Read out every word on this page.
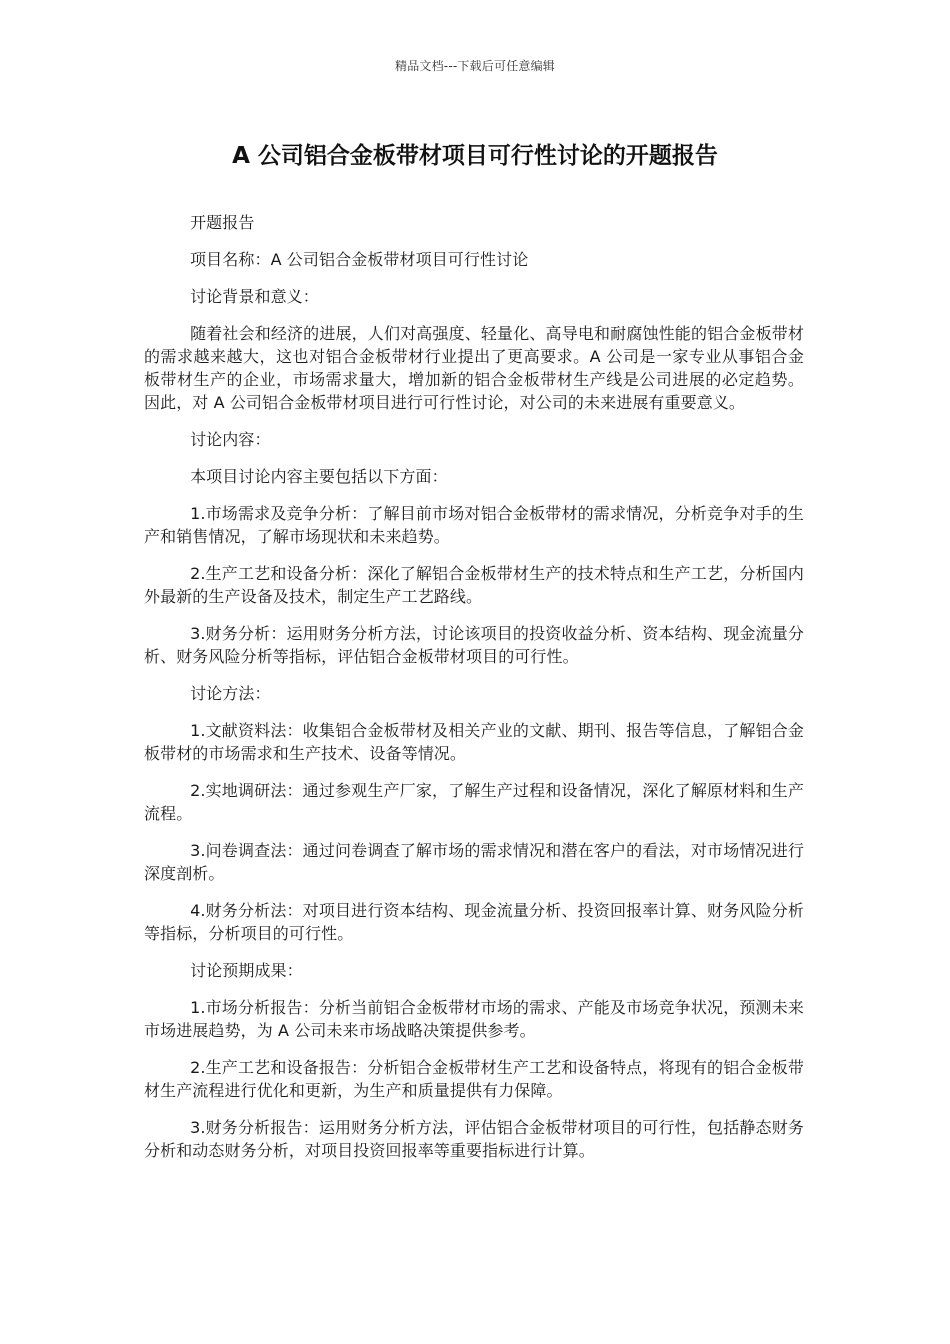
精品文档---下载后可任意编辑
A 公司铝合金板带材项目可行性讨论的开题报告

开题报告

项目名称：A 公司铝合金板带材项目可行性讨论

讨论背景和意义：

随着社会和经济的进展，人们对高强度、轻量化、高导电和耐腐蚀性能的铝合金板带材的需求越来越大，这也对铝合金板带材行业提出了更高要求。A 公司是一家专业从事铝合金板带材生产的企业，市场需求量大，增加新的铝合金板带材生产线是公司进展的必定趋势。因此，对 A 公司铝合金板带材项目进行可行性讨论，对公司的未来进展有重要意义。

讨论内容：

本项目讨论内容主要包括以下方面：

1.市场需求及竞争分析：了解目前市场对铝合金板带材的需求情况，分析竞争对手的生产和销售情况，了解市场现状和未来趋势。

2.生产工艺和设备分析：深化了解铝合金板带材生产的技术特点和生产工艺，分析国内外最新的生产设备及技术，制定生产工艺路线。

3.财务分析：运用财务分析方法，讨论该项目的投资收益分析、资本结构、现金流量分析、财务风险分析等指标，评估铝合金板带材项目的可行性。

讨论方法：

1.文献资料法：收集铝合金板带材及相关产业的文献、期刊、报告等信息，了解铝合金板带材的市场需求和生产技术、设备等情况。

2.实地调研法：通过参观生产厂家，了解生产过程和设备情况，深化了解原材料和生产流程。

3.问卷调查法：通过问卷调查了解市场的需求情况和潜在客户的看法，对市场情况进行深度剖析。

4.财务分析法：对项目进行资本结构、现金流量分析、投资回报率计算、财务风险分析等指标，分析项目的可行性。

讨论预期成果：

1.市场分析报告：分析当前铝合金板带材市场的需求、产能及市场竞争状况，预测未来市场进展趋势，为 A 公司未来市场战略决策提供参考。

2.生产工艺和设备报告：分析铝合金板带材生产工艺和设备特点，将现有的铝合金板带材生产流程进行优化和更新，为生产和质量提供有力保障。

3.财务分析报告：运用财务分析方法，评估铝合金板带材项目的可行性，包括静态财务分析和动态财务分析，对项目投资回报率等重要指标进行计算。
